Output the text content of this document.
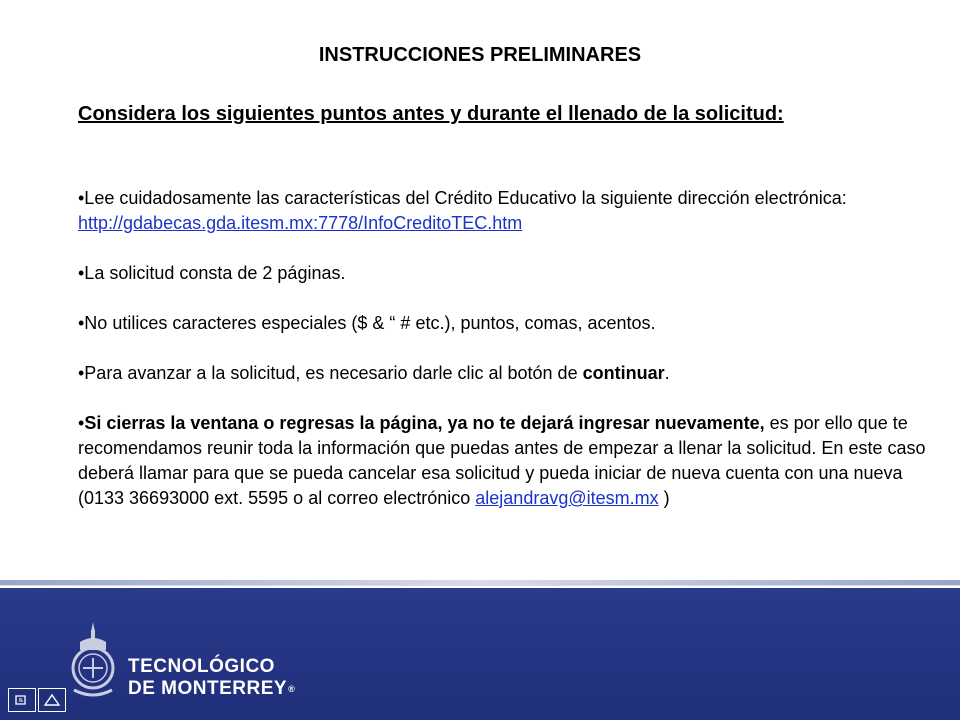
INSTRUCCIONES PRELIMINARES
Considera los siguientes puntos antes y durante el llenado de la solicitud:

•Lee cuidadosamente las características del Crédito Educativo la siguiente dirección electrónica: http://gdabecas.gda.itesm.mx:7778/InfoCreditoTEC.htm

•La solicitud consta de 2 páginas.

•No utilices caracteres especiales ($ & “ # etc.), puntos, comas, acentos.

•Para avanzar a la solicitud, es necesario darle clic al botón de continuar.

•Si cierras la ventana o regresas la página, ya no te dejará ingresar nuevamente, es por ello que te recomendamos reunir toda la información que puedas antes de empezar a llenar la solicitud. En este caso deberá llamar para que se pueda cancelar esa solicitud y pueda iniciar de nueva cuenta con una nueva (0133 36693000 ext. 5595 o al correo electrónico alejandravg@itesm.mx )

TECNOLÓGICO
DE MONTERREY®
